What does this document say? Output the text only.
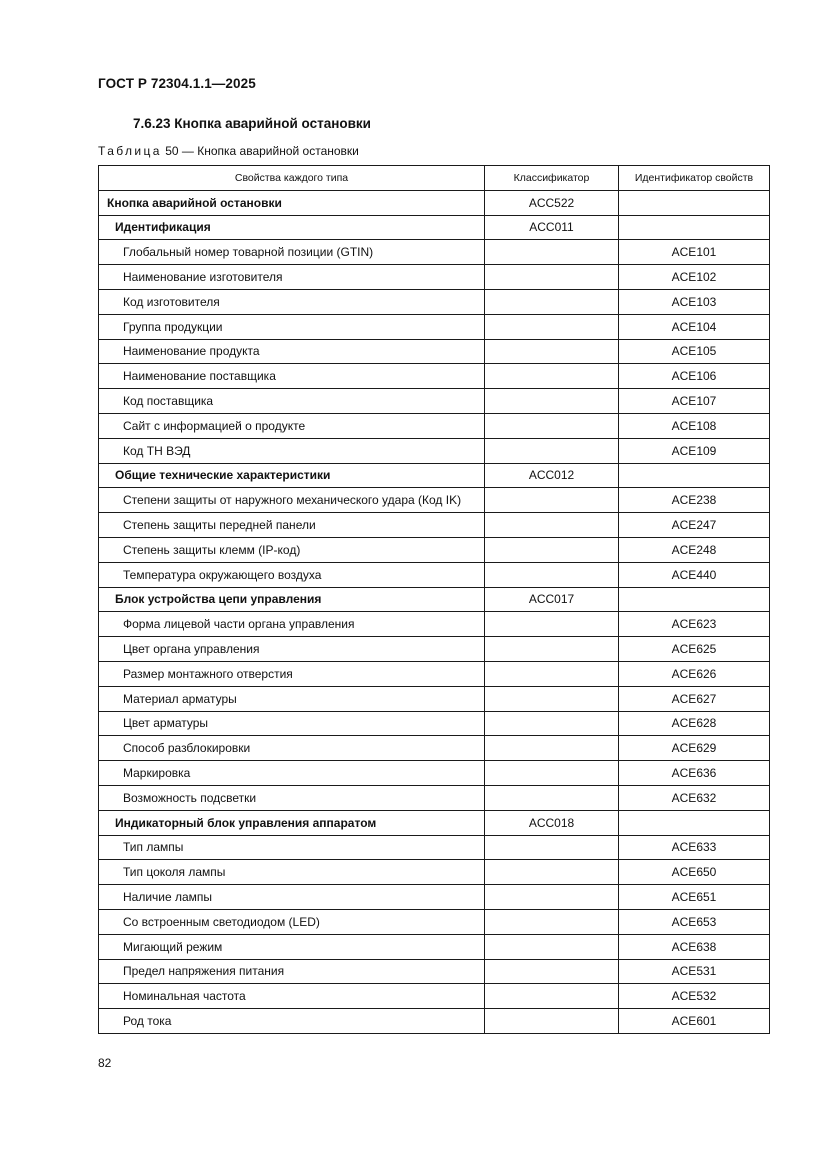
ГОСТ Р 72304.1.1—2025
7.6.23 Кнопка аварийной остановки
Таблица 50 — Кнопка аварийной остановки
Свойства каждого типа	Классификатор	Идентификатор свойств
Кнопка аварийной остановки	ACC522	
Идентификация	ACC011	
Глобальный номер товарной позиции (GTIN)		ACE101
Наименование изготовителя		ACE102
Код изготовителя		ACE103
Группа продукции		ACE104
Наименование продукта		ACE105
Наименование поставщика		ACE106
Код поставщика		ACE107
Сайт с информацией о продукте		ACE108
Код ТН ВЭД		ACE109
Общие технические характеристики	ACC012	
Степени защиты от наружного механического удара (Код IK)		ACE238
Степень защиты передней панели		ACE247
Степень защиты клемм (IP-код)		ACE248
Температура окружающего воздуха		ACE440
Блок устройства цепи управления	ACC017	
Форма лицевой части органа управления		ACE623
Цвет органа управления		ACE625
Размер монтажного отверстия		ACE626
Материал арматуры		ACE627
Цвет арматуры		ACE628
Способ разблокировки		ACE629
Маркировка		ACE636
Возможность подсветки		ACE632
Индикаторный блок управления аппаратом	ACC018	
Тип лампы		ACE633
Тип цоколя лампы		ACE650
Наличие лампы		ACE651
Со встроенным светодиодом (LED)		ACE653
Мигающий режим		ACE638
Предел напряжения питания		ACE531
Номинальная частота		ACE532
Род тока		ACE601
82
